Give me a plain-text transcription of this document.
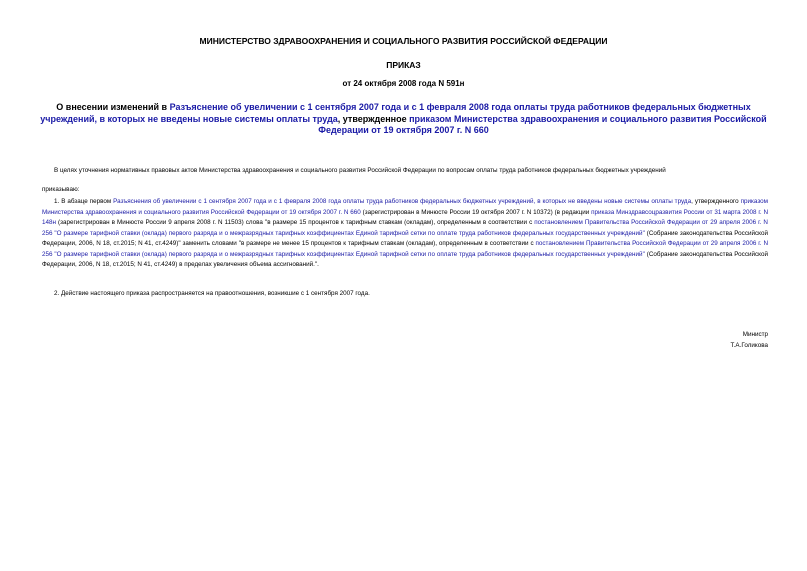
МИНИСТЕРСТВО ЗДРАВООХРАНЕНИЯ И СОЦИАЛЬНОГО РАЗВИТИЯ РОССИЙСКОЙ ФЕДЕРАЦИИ
ПРИКАЗ
от 24 октября 2008 года N 591н
О внесении изменений в Разъяснение об увеличении с 1 сентября 2007 года и с 1 февраля 2008 года оплаты труда работников федеральных бюджетных учреждений, в которых не введены новые системы оплаты труда, утвержденное приказом Министерства здравоохранения и социального развития Российской Федерации от 19 октября 2007 г. N 660
В целях уточнения нормативных правовых актов Министерства здравоохранения и социального развития Российской Федерации по вопросам оплаты труда работников федеральных бюджетных учреждений
приказываю:
1. В абзаце первом Разъяснения об увеличении с 1 сентября 2007 года и с 1 февраля 2008 года оплаты труда работников федеральных бюджетных учреждений, в которых не введены новые системы оплаты труда, утвержденного приказом Министерства здравоохранения и социального развития Российской Федерации от 19 октября 2007 г. N 660 (зарегистрирован в Минюсте России 19 октября 2007 г. N 10372) (в редакции приказа Минздравсоцразвития России от 31 марта 2008 г. N 148н (зарегистрирован в Минюсте России 9 апреля 2008 г. N 11503) слова "в размере 15 процентов к тарифным ставкам (окладам), определенным в соответствии с постановлением Правительства Российской Федерации от 29 апреля 2006 г. N 256 "О размере тарифной ставки (оклада) первого разряда и о межразрядных тарифных коэффициентах Единой тарифной сетки по оплате труда работников федеральных государственных учреждений" (Собрание законодательства Российской Федерации, 2006, N 18, ст.2015; N 41, ст.4249)" заменить словами "в размере не менее 15 процентов к тарифным ставкам (окладам), определенным в соответствии с постановлением Правительства Российской Федерации от 29 апреля 2006 г. N 256 "О размере тарифной ставки (оклада) первого разряда и о межразрядных тарифных коэффициентах Единой тарифной сетки по оплате труда работников федеральных государственных учреждений" (Собрание законодательства Российской Федерации, 2006, N 18, ст.2015; N 41, ст.4249) в пределах увеличения объема ассигнований.".
2. Действие настоящего приказа распространяется на правоотношения, возникшие с 1 сентября 2007 года.
Министр
Т.А.Голикова
